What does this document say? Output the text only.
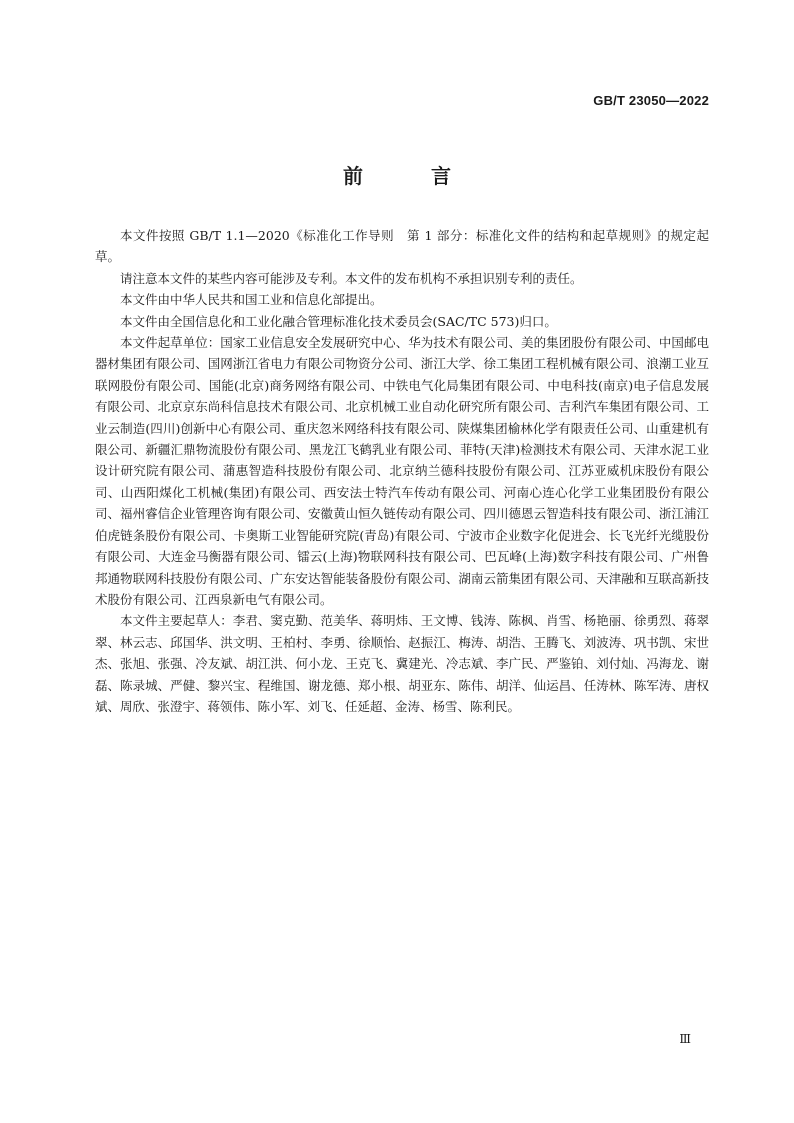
GB/T 23050—2022
前　言

本文件按照 GB/T 1.1—2020《标准化工作导则　第 1 部分：标准化文件的结构和起草规则》的规定起草。

请注意本文件的某些内容可能涉及专利。本文件的发布机构不承担识别专利的责任。

本文件由中华人民共和国工业和信息化部提出。

本文件由全国信息化和工业化融合管理标准化技术委员会(SAC/TC 573)归口。

本文件起草单位：国家工业信息安全发展研究中心、华为技术有限公司、美的集团股份有限公司、中国邮电器材集团有限公司、国网浙江省电力有限公司物资分公司、浙江大学、徐工集团工程机械有限公司、浪潮工业互联网股份有限公司、国能(北京)商务网络有限公司、中铁电气化局集团有限公司、中电科技(南京)电子信息发展有限公司、北京京东尚科信息技术有限公司、北京机械工业自动化研究所有限公司、吉利汽车集团有限公司、工业云制造(四川)创新中心有限公司、重庆忽米网络科技有限公司、陕煤集团榆林化学有限责任公司、山重建机有限公司、新疆汇鼎物流股份有限公司、黑龙江飞鹤乳业有限公司、菲特(天津)检测技术有限公司、天津水泥工业设计研究院有限公司、蒲惠智造科技股份有限公司、北京纳兰德科技股份有限公司、江苏亚威机床股份有限公司、山西阳煤化工机械(集团)有限公司、西安法士特汽车传动有限公司、河南心连心化学工业集团股份有限公司、福州睿信企业管理咨询有限公司、安徽黄山恒久链传动有限公司、四川德恩云智造科技有限公司、浙江浦江伯虎链条股份有限公司、卡奥斯工业智能研究院(青岛)有限公司、宁波市企业数字化促进会、长飞光纤光缆股份有限公司、大连金马衡器有限公司、镭云(上海)物联网科技有限公司、巴瓦峰(上海)数字科技有限公司、广州鲁邦通物联网科技股份有限公司、广东安达智能装备股份有限公司、湖南云箭集团有限公司、天津融和互联高新技术股份有限公司、江西泉新电气有限公司。

本文件主要起草人：李君、窦克勤、范美华、蒋明炜、王文博、钱涛、陈枫、肖雪、杨艳丽、徐勇烈、蒋翠翠、林云志、邱国华、洪文明、王柏村、李勇、徐顺怡、赵振江、梅涛、胡浩、王腾飞、刘波涛、巩书凯、宋世杰、张旭、张强、冷友斌、胡江洪、何小龙、王克飞、冀建光、冷志斌、李广民、严鉴铂、刘付灿、冯海龙、谢磊、陈录城、严健、黎兴宝、程维国、谢龙德、郑小根、胡亚东、陈伟、胡洋、仙运昌、任涛林、陈军涛、唐权斌、周欣、张澄宇、蒋领伟、陈小军、刘飞、任延超、金涛、杨雪、陈利民。

Ⅲ
